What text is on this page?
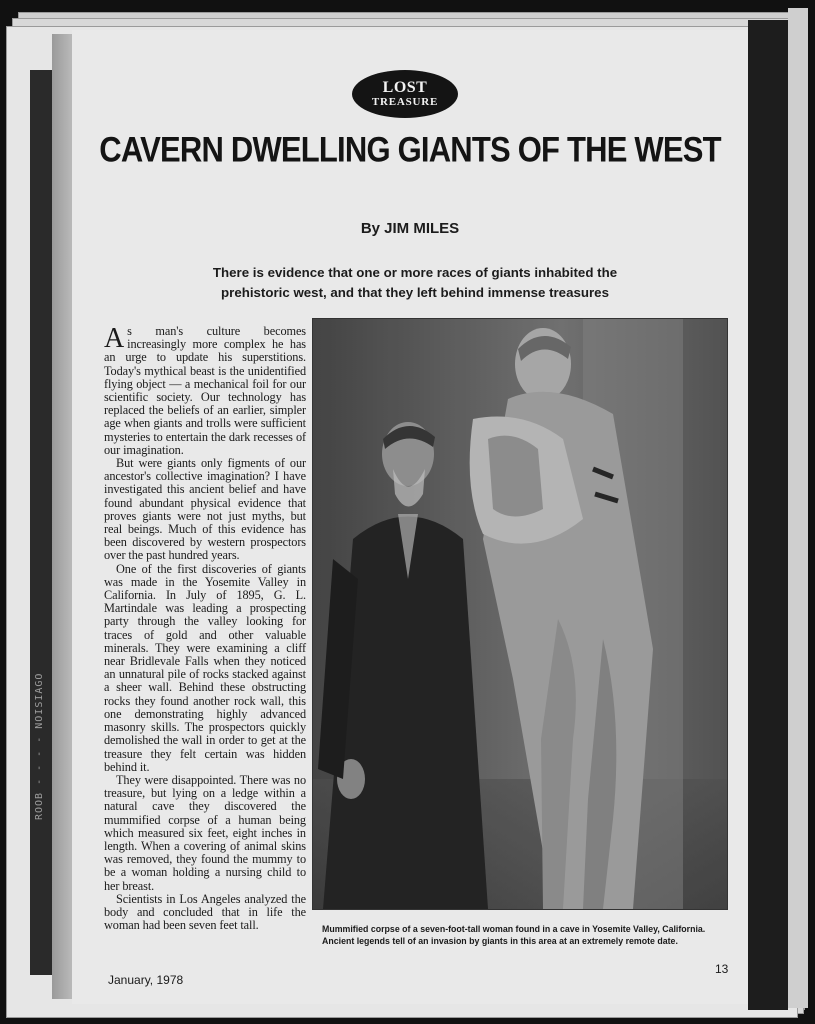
ROOB - - - - NOISIAGO
LOST
TREASURE
CAVERN DWELLING GIANTS OF THE WEST
By JIM MILES

There is evidence that one or more races of giants inhabited the prehistoric west, and that they left behind immense treasures

As man's culture becomes increasingly more complex he has an urge to update his superstitions. Today's mythical beast is the unidentified flying object — a mechanical foil for our scientific society. Our technology has replaced the beliefs of an earlier, simpler age when giants and trolls were sufficient mysteries to entertain the dark recesses of our imagination.

But were giants only figments of our ancestor's collective imagination? I have investigated this ancient belief and have found abundant physical evidence that proves giants were not just myths, but real beings. Much of this evidence has been discovered by western prospectors over the past hundred years.

One of the first discoveries of giants was made in the Yosemite Valley in California. In July of 1895, G. L. Martindale was leading a prospecting party through the valley looking for traces of gold and other valuable minerals. They were examining a cliff near Bridlevale Falls when they noticed an unnatural pile of rocks stacked against a sheer wall. Behind these obstructing rocks they found another rock wall, this one demonstrating highly advanced masonry skills. The prospectors quickly demolished the wall in order to get at the treasure they felt certain was hidden behind it.

They were disappointed. There was no treasure, but lying on a ledge within a natural cave they discovered the mummified corpse of a human being which measured six feet, eight inches in length. When a covering of animal skins was removed, they found the mummy to be a woman holding a nursing child to her breast.

Scientists in Los Angeles analyzed the body and concluded that in life the woman had been seven feet tall.	Mummified corpse of a seven-foot-tall woman found in a cave in Yosemite Valley, California. Ancient legends tell of an invasion by giants in this area at an extremely remote date.

January, 1978
13
